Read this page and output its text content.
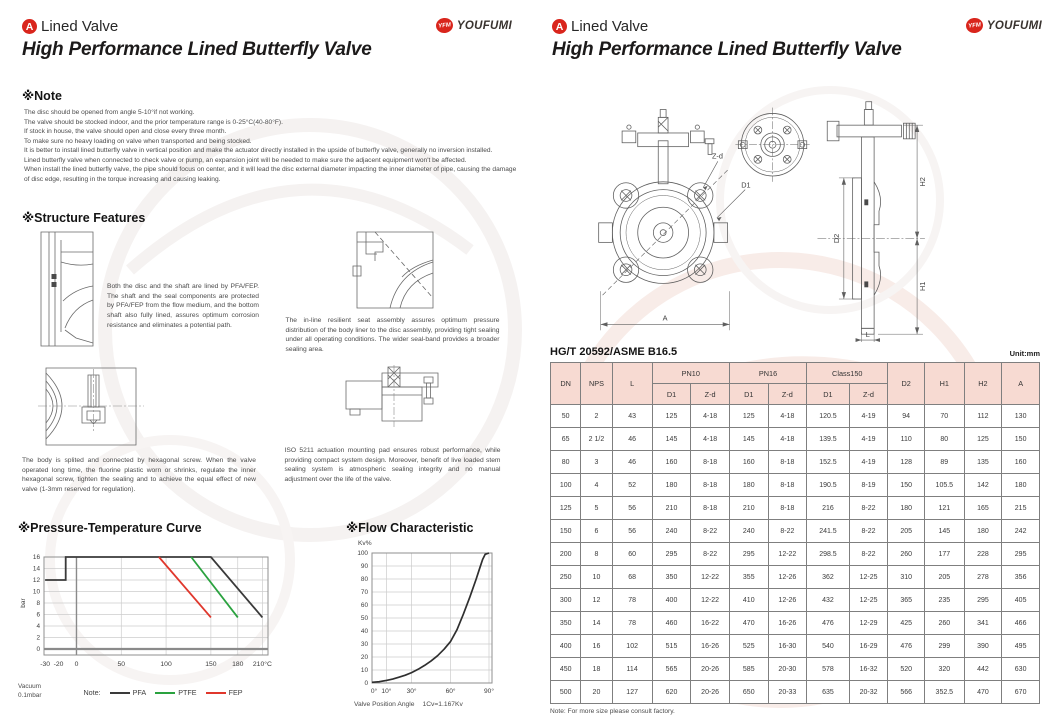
A Lined Valve	YFM YOUFUMI
High Performance Lined Butterfly Valve
※Note
The disc should be opened from angle 5-10°if not working.
The valve should be stocked indoor, and the prior temperature range is 0-25°C(40-80°F).
If stock in house, the valve should open and close every three month.
To make sure no heavy loading on valve when transported and being stocked.
It is better to install lined butterfly valve in vertical position and make the actuator directly installed in the upside of butterfly valve, generally no inversion installed.
Lined butterfly valve when connected to check valve or pump, an expansion joint will be needed to make sure the adjacent equipment won't be affected.
When install the lined butterfly valve, the pipe should focus on center, and it will lead the disc external diameter impacting the inner diameter of pipe, causing the damage of disc edge, resulting in the torque increasing and causing leaking.
※Structure Features
Both the disc and the shaft are lined by PFA/FEP. The shaft and the seal components are protected by PFA/FEP from the flow medium, and the bottom shaft also fully lined, assures optimum corrosion resistance and eliminates a potential path.
The in-line resilient seat assembly assures optimum pressure distribution of the body liner to the disc assembly, providing tight sealing under all operating conditions. The wider seal-band provides a broader sealing area.
The body is splited and connected by hexagonal screw. When the valve operated long time, the fluorine plastic worn or shrinks, regulate the inner hexagonal screw, tighten the sealing and to achieve the equal effect of new valve (1-3mm reserved for regulation).
ISO 5211 actuation mounting pad ensures robust performance, while providing compact system design. Moreover, benefit of live loaded stem sealing system is atmospheric sealing integrity and no manual adjustment over the life of the valve.
※Pressure-Temperature Curve
0
2
4
6
8
10
12
14
16
-30 -20 0	50	100	150 180 210°C
bar
Vacuum
0.1mbar	Note:	PFA	PTFE	FEP
※Flow Characteristic
0
10
20
30
40
50
60
70
80
90
100
0° 10° 30°	60°	90°
Kv%
Valve Position Angle 1Cv=1.167Kv
A Lined Valve	YFM YOUFUMI
High Performance Lined Butterfly Valve
Z-d
D1
A
D2
H2
H1
L
HG/T 20592/ASME B16.5	Unit:mm
DN	NPS	L	PN10		PN16		Class150		D2	H1	H2	A
			D1	Z-d	D1	Z-d	D1	Z-d				
50	2	43	125	4-18	125	4-18	120.5	4-19	94	70	112	130
65	2 1/2	46	145	4-18	145	4-18	139.5	4-19	110	80	125	150
80	3	46	160	8-18	160	8-18	152.5	4-19	128	89	135	160
100	4	52	180	8-18	180	8-18	190.5	8-19	150	105.5	142	180
125	5	56	210	8-18	210	8-18	216	8-22	180	121	165	215
150	6	56	240	8-22	240	8-22	241.5	8-22	205	145	180	242
200	8	60	295	8-22	295	12-22	298.5	8-22	260	177	228	295
250	10	68	350	12-22	355	12-26	362	12-25	310	205	278	356
300	12	78	400	12-22	410	12-26	432	12-25	365	235	295	405
350	14	78	460	16-22	470	16-26	476	12-29	425	260	341	466
400	16	102	515	16-26	525	16-30	540	16-29	476	299	390	495
450	18	114	565	20-26	585	20-30	578	16-32	520	320	442	630
500	20	127	620	20-26	650	20-33	635	20-32	566	352.5	470	670
Note: For more size please consult factory.
